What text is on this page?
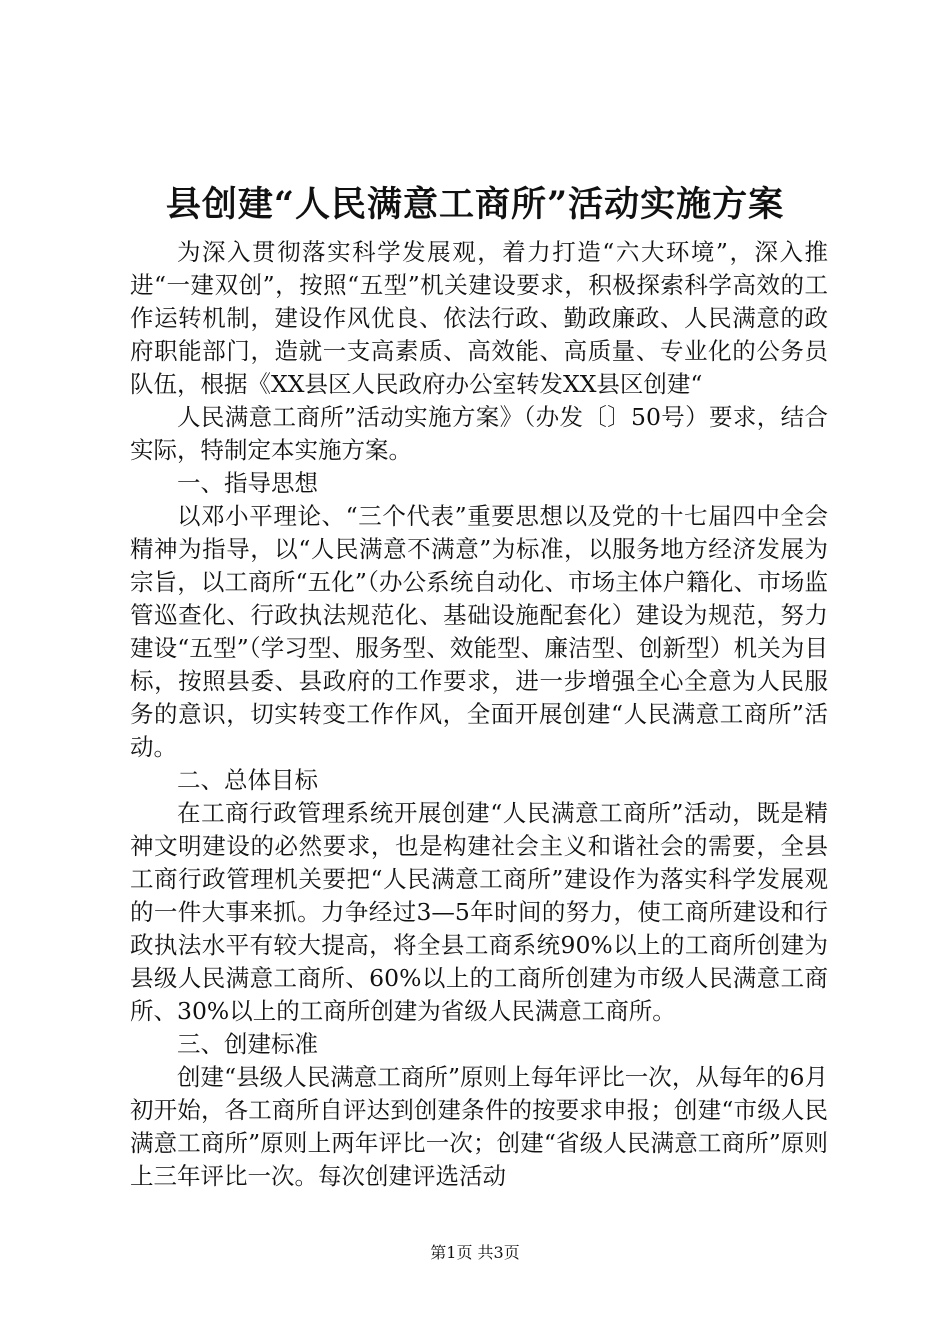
县创建“人民满意工商所”活动实施方案

为深入贯彻落实科学发展观，着力打造“六大环境”，深入推进“一建双创”，按照“五型”机关建设要求，积极探索科学高效的工作运转机制，建设作风优良、依法行政、勤政廉政、人民满意的政府职能部门，造就一支高素质、高效能、高质量、专业化的公务员队伍，根据《XX县区人民政府办公室转发XX县区创建“

人民满意工商所”活动实施方案》（办发〔〕50号）要求，结合实际，特制定本实施方案。

一、指导思想

以邓小平理论、“三个代表”重要思想以及党的十七届四中全会精神为指导，以“人民满意不满意”为标准，以服务地方经济发展为宗旨，以工商所“五化”（办公系统自动化、市场主体户籍化、市场监管巡查化、行政执法规范化、基础设施配套化）建设为规范，努力建设“五型”（学习型、服务型、效能型、廉洁型、创新型）机关为目标，按照县委、县政府的工作要求，进一步增强全心全意为人民服务的意识，切实转变工作作风，全面开展创建“人民满意工商所”活动。

二、总体目标

在工商行政管理系统开展创建“人民满意工商所”活动，既是精神文明建设的必然要求，也是构建社会主义和谐社会的需要，全县工商行政管理机关要把“人民满意工商所”建设作为落实科学发展观的一件大事来抓。力争经过3—5年时间的努力，使工商所建设和行政执法水平有较大提高，将全县工商系统90%以上的工商所创建为县级人民满意工商所、60%以上的工商所创建为市级人民满意工商所、30%以上的工商所创建为省级人民满意工商所。

三、创建标准

创建“县级人民满意工商所”原则上每年评比一次，从每年的6月初开始，各工商所自评达到创建条件的按要求申报；创建“市级人民满意工商所”原则上两年评比一次；创建“省级人民满意工商所”原则上三年评比一次。每次创建评选活动

第1页 共3页
